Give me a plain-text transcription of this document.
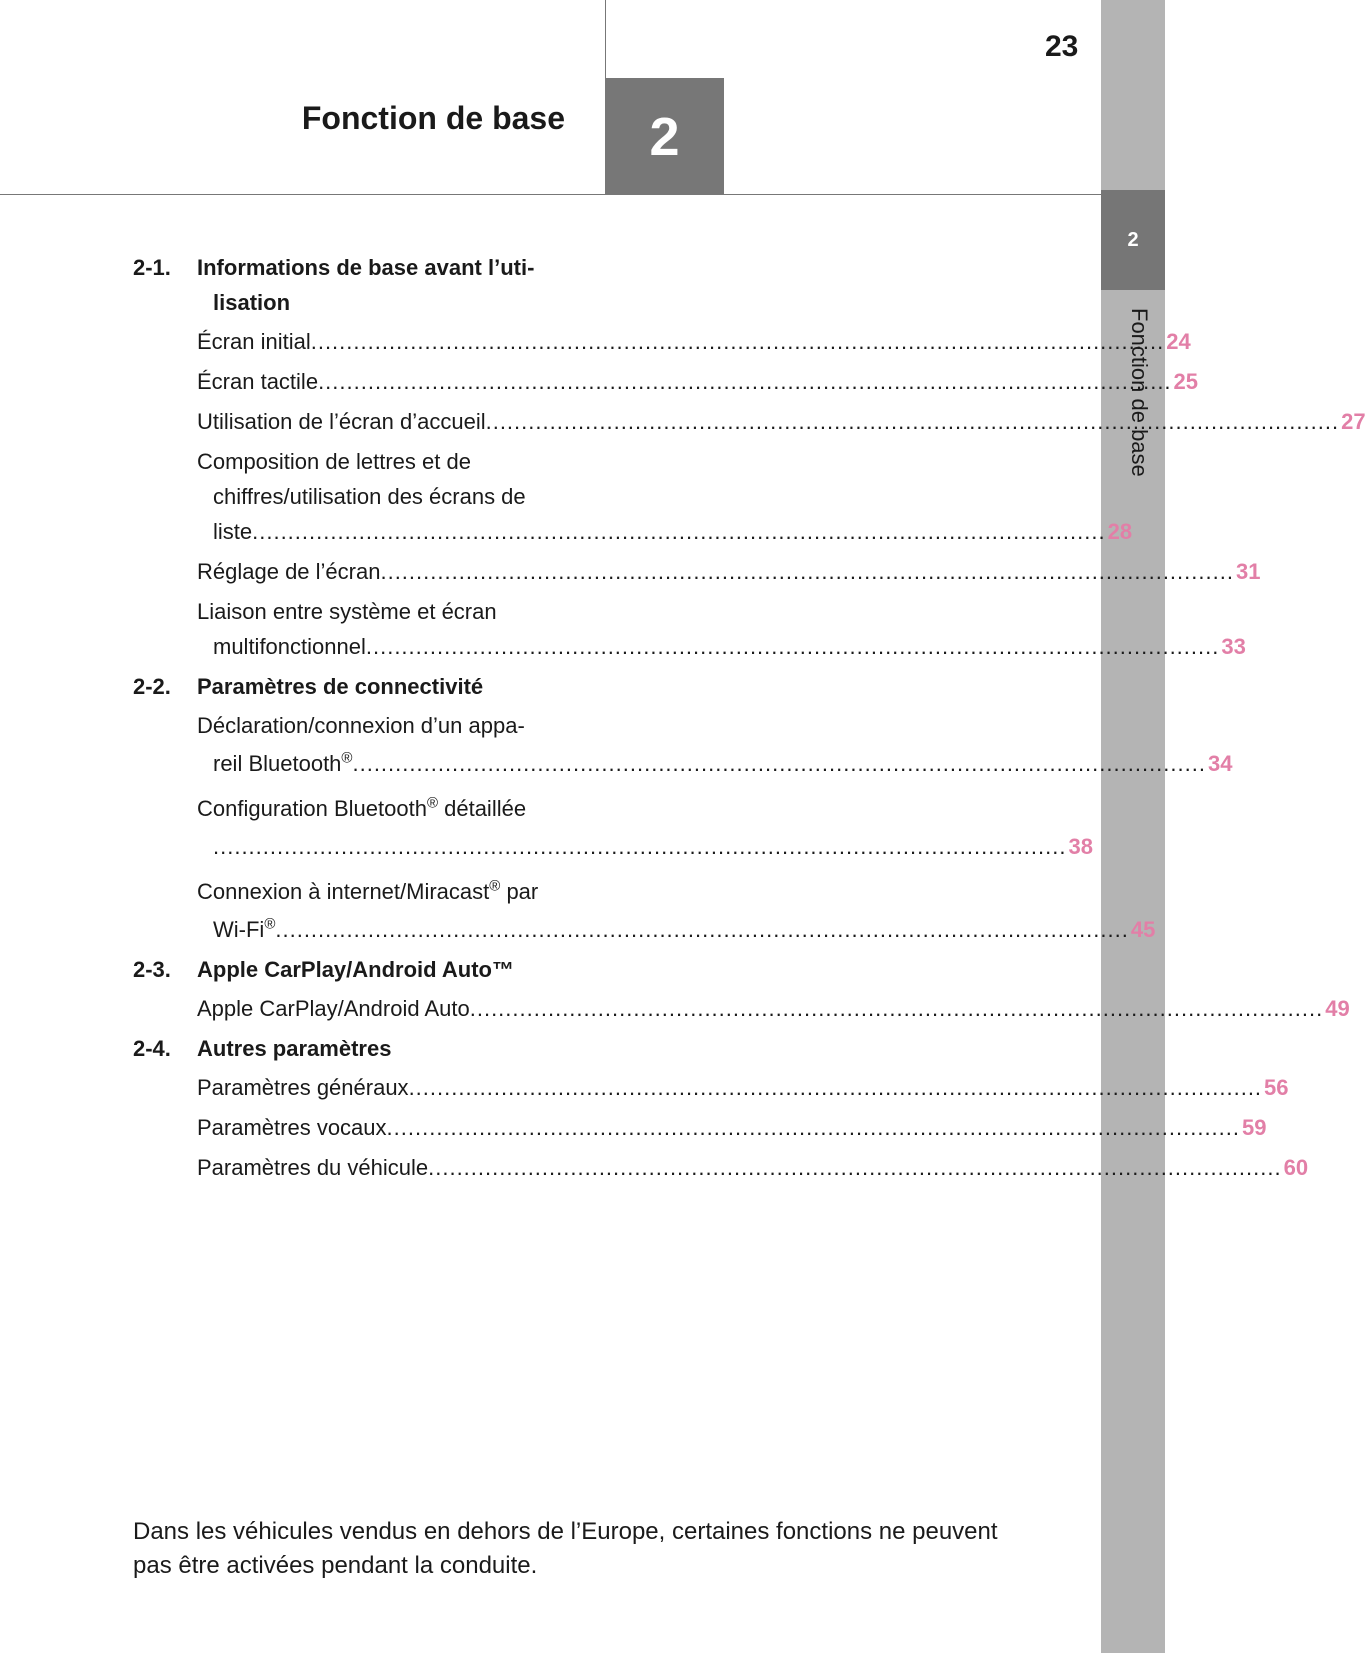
Fonction de base	2
23
2
Fonction de base
2-1.	Informations de base avant l’uti-
lisation
Écran initial .....	24
Écran tactile .....	25
Utilisation de l’écran d’accueil .....	27
Composition de lettres et de
chiffres/utilisation des écrans de
liste .....	28
Réglage de l’écran .....	31
Liaison entre système et écran
multifonctionnel .....	33
2-2.	Paramètres de connectivité
Déclaration/connexion d’un appa-
reil Bluetooth® .....	34
Configuration Bluetooth® détaillée
..... 38
Connexion à internet/Miracast® par
Wi-Fi® .....	45
2-3.	Apple CarPlay/Android Auto™
Apple CarPlay/Android Auto .....	49
2-4.	Autres paramètres
Paramètres généraux .....	56
Paramètres vocaux .....	59
Paramètres du véhicule .....	60

Dans les véhicules vendus en dehors de l’Europe, certaines fonctions ne peuvent pas être activées pendant la conduite.
